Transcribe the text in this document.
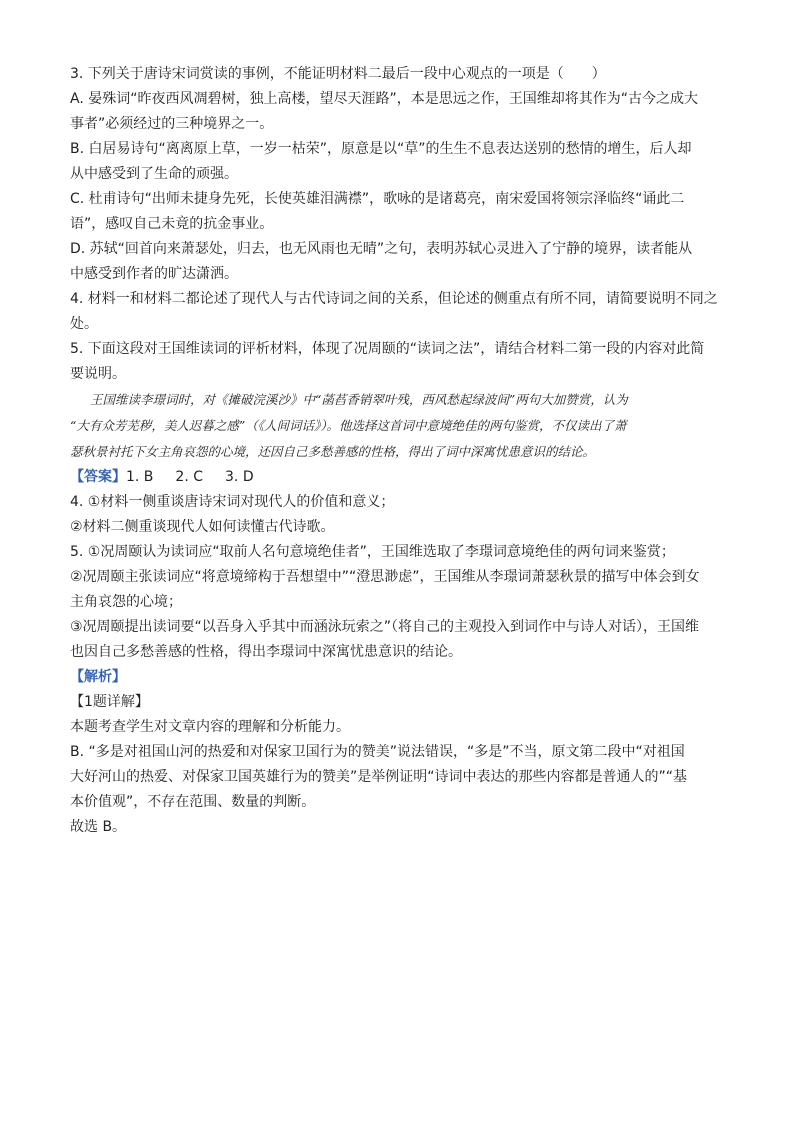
3. 下列关于唐诗宋词赏读的事例，不能证明材料二最后一段中心观点的一项是（　　）
A. 晏殊词“昨夜西风凋碧树，独上高楼，望尽天涯路”，本是思远之作，王国维却将其作为“古今之成大
事者”必须经过的三种境界之一。
B. 白居易诗句“离离原上草，一岁一枯荣”，原意是以“草”的生生不息表达送别的愁情的增生，后人却
从中感受到了生命的顽强。
C. 杜甫诗句“出师未捷身先死，长使英雄泪满襟”，歌咏的是诸葛亮，南宋爱国将领宗泽临终“诵此二
语”，感叹自己未竟的抗金事业。
D. 苏轼“回首向来萧瑟处，归去，也无风雨也无晴”之句，表明苏轼心灵进入了宁静的境界，读者能从
中感受到作者的旷达潇洒。
4. 材料一和材料二都论述了现代人与古代诗词之间的关系，但论述的侧重点有所不同，请简要说明不同之
处。
5. 下面这段对王国维读词的评析材料，体现了况周颐的“读词之法”，请结合材料二第一段的内容对此简
要说明。
王国维读李璟词时，对《摊破浣溪沙》中“菡萏香销翠叶残，西风愁起绿波间”两句大加赞赏，认为
“大有众芳芜秽，美人迟暮之感”（《人间词话》）。他选择这首词中意境绝佳的两句鉴赏，不仅读出了萧
瑟秋景衬托下女主角哀怨的心境，还因自己多愁善感的性格，得出了词中深寓忧患意识的结论。
【答案】1. B 2. C 3. D
4. ①材料一侧重谈唐诗宋词对现代人的价值和意义；
②材料二侧重谈现代人如何读懂古代诗歌。
5. ①况周颐认为读词应“取前人名句意境绝佳者”，王国维选取了李璟词意境绝佳的两句词来鉴赏；
②况周颐主张读词应“将意境缔构于吾想望中”“澄思渺虑”，王国维从李璟词萧瑟秋景的描写中体会到女
主角哀怨的心境；
③况周颐提出读词要“以吾身入乎其中而涵泳玩索之”（将自己的主观投入到词作中与诗人对话），王国维
也因自己多愁善感的性格，得出李璟词中深寓忧患意识的结论。
【解析】
【1题详解】
本题考查学生对文章内容的理解和分析能力。
B. “多是对祖国山河的热爱和对保家卫国行为的赞美”说法错误，“多是”不当，原文第二段中“对祖国
大好河山的热爱、对保家卫国英雄行为的赞美”是举例证明“诗词中表达的那些内容都是普通人的”“基
本价值观”，不存在范围、数量的判断。
故选 B。
